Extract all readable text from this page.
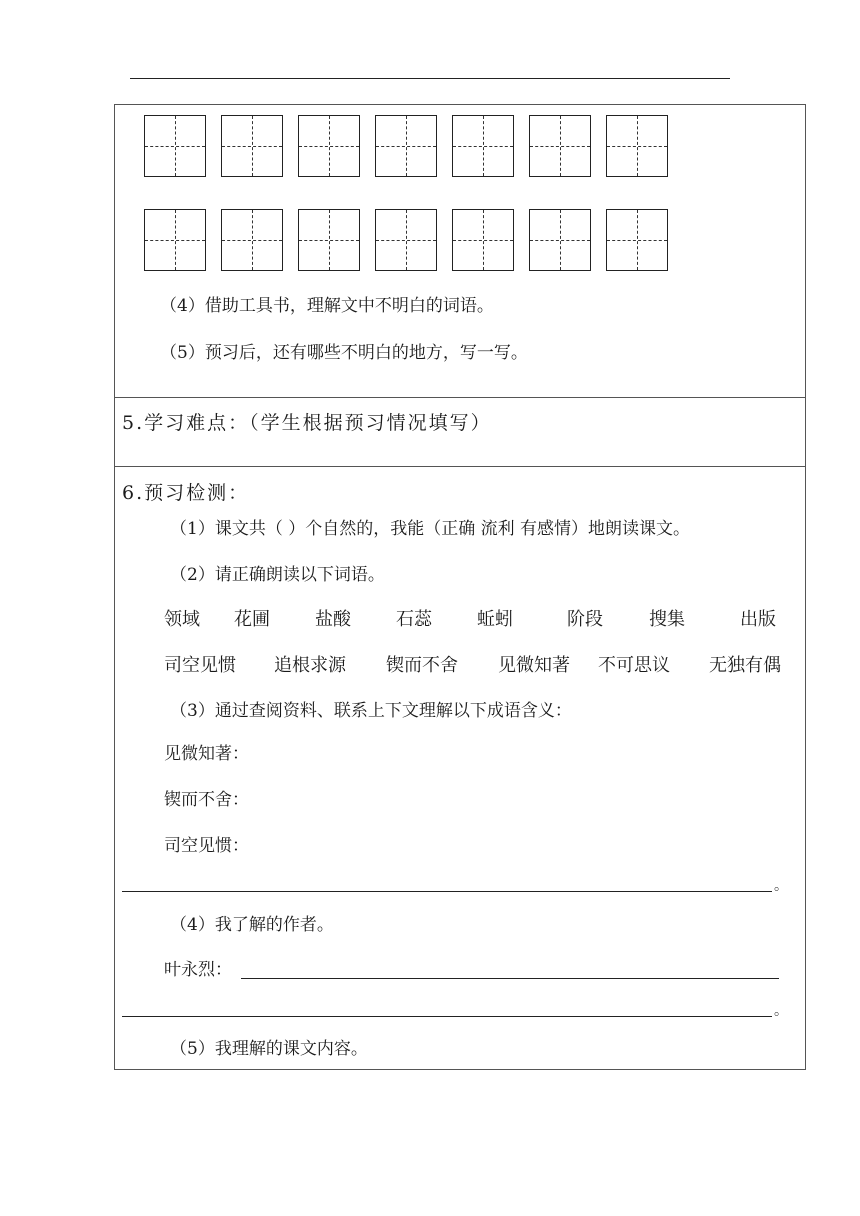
（4）借助工具书，理解文中不明白的词语。
（5）预习后，还有哪些不明白的地方，写一写。
5.学习难点：（学生根据预习情况填写）
6.预习检测：
（1）课文共（ ）个自然的，我能（正确 流利 有感情）地朗读课文。
（2）请正确朗读以下词语。
领域 花圃	盐酸	石蕊	蚯蚓	阶段	搜集	出版
司空见惯 追根求源 锲而不舍 见微知著 不可思议 无独有偶
（3）通过查阅资料、联系上下文理解以下成语含义：
见微知著：
锲而不舍：
司空见惯：
。
（4）我了解的作者。
叶永烈：
。
（5）我理解的课文内容。
